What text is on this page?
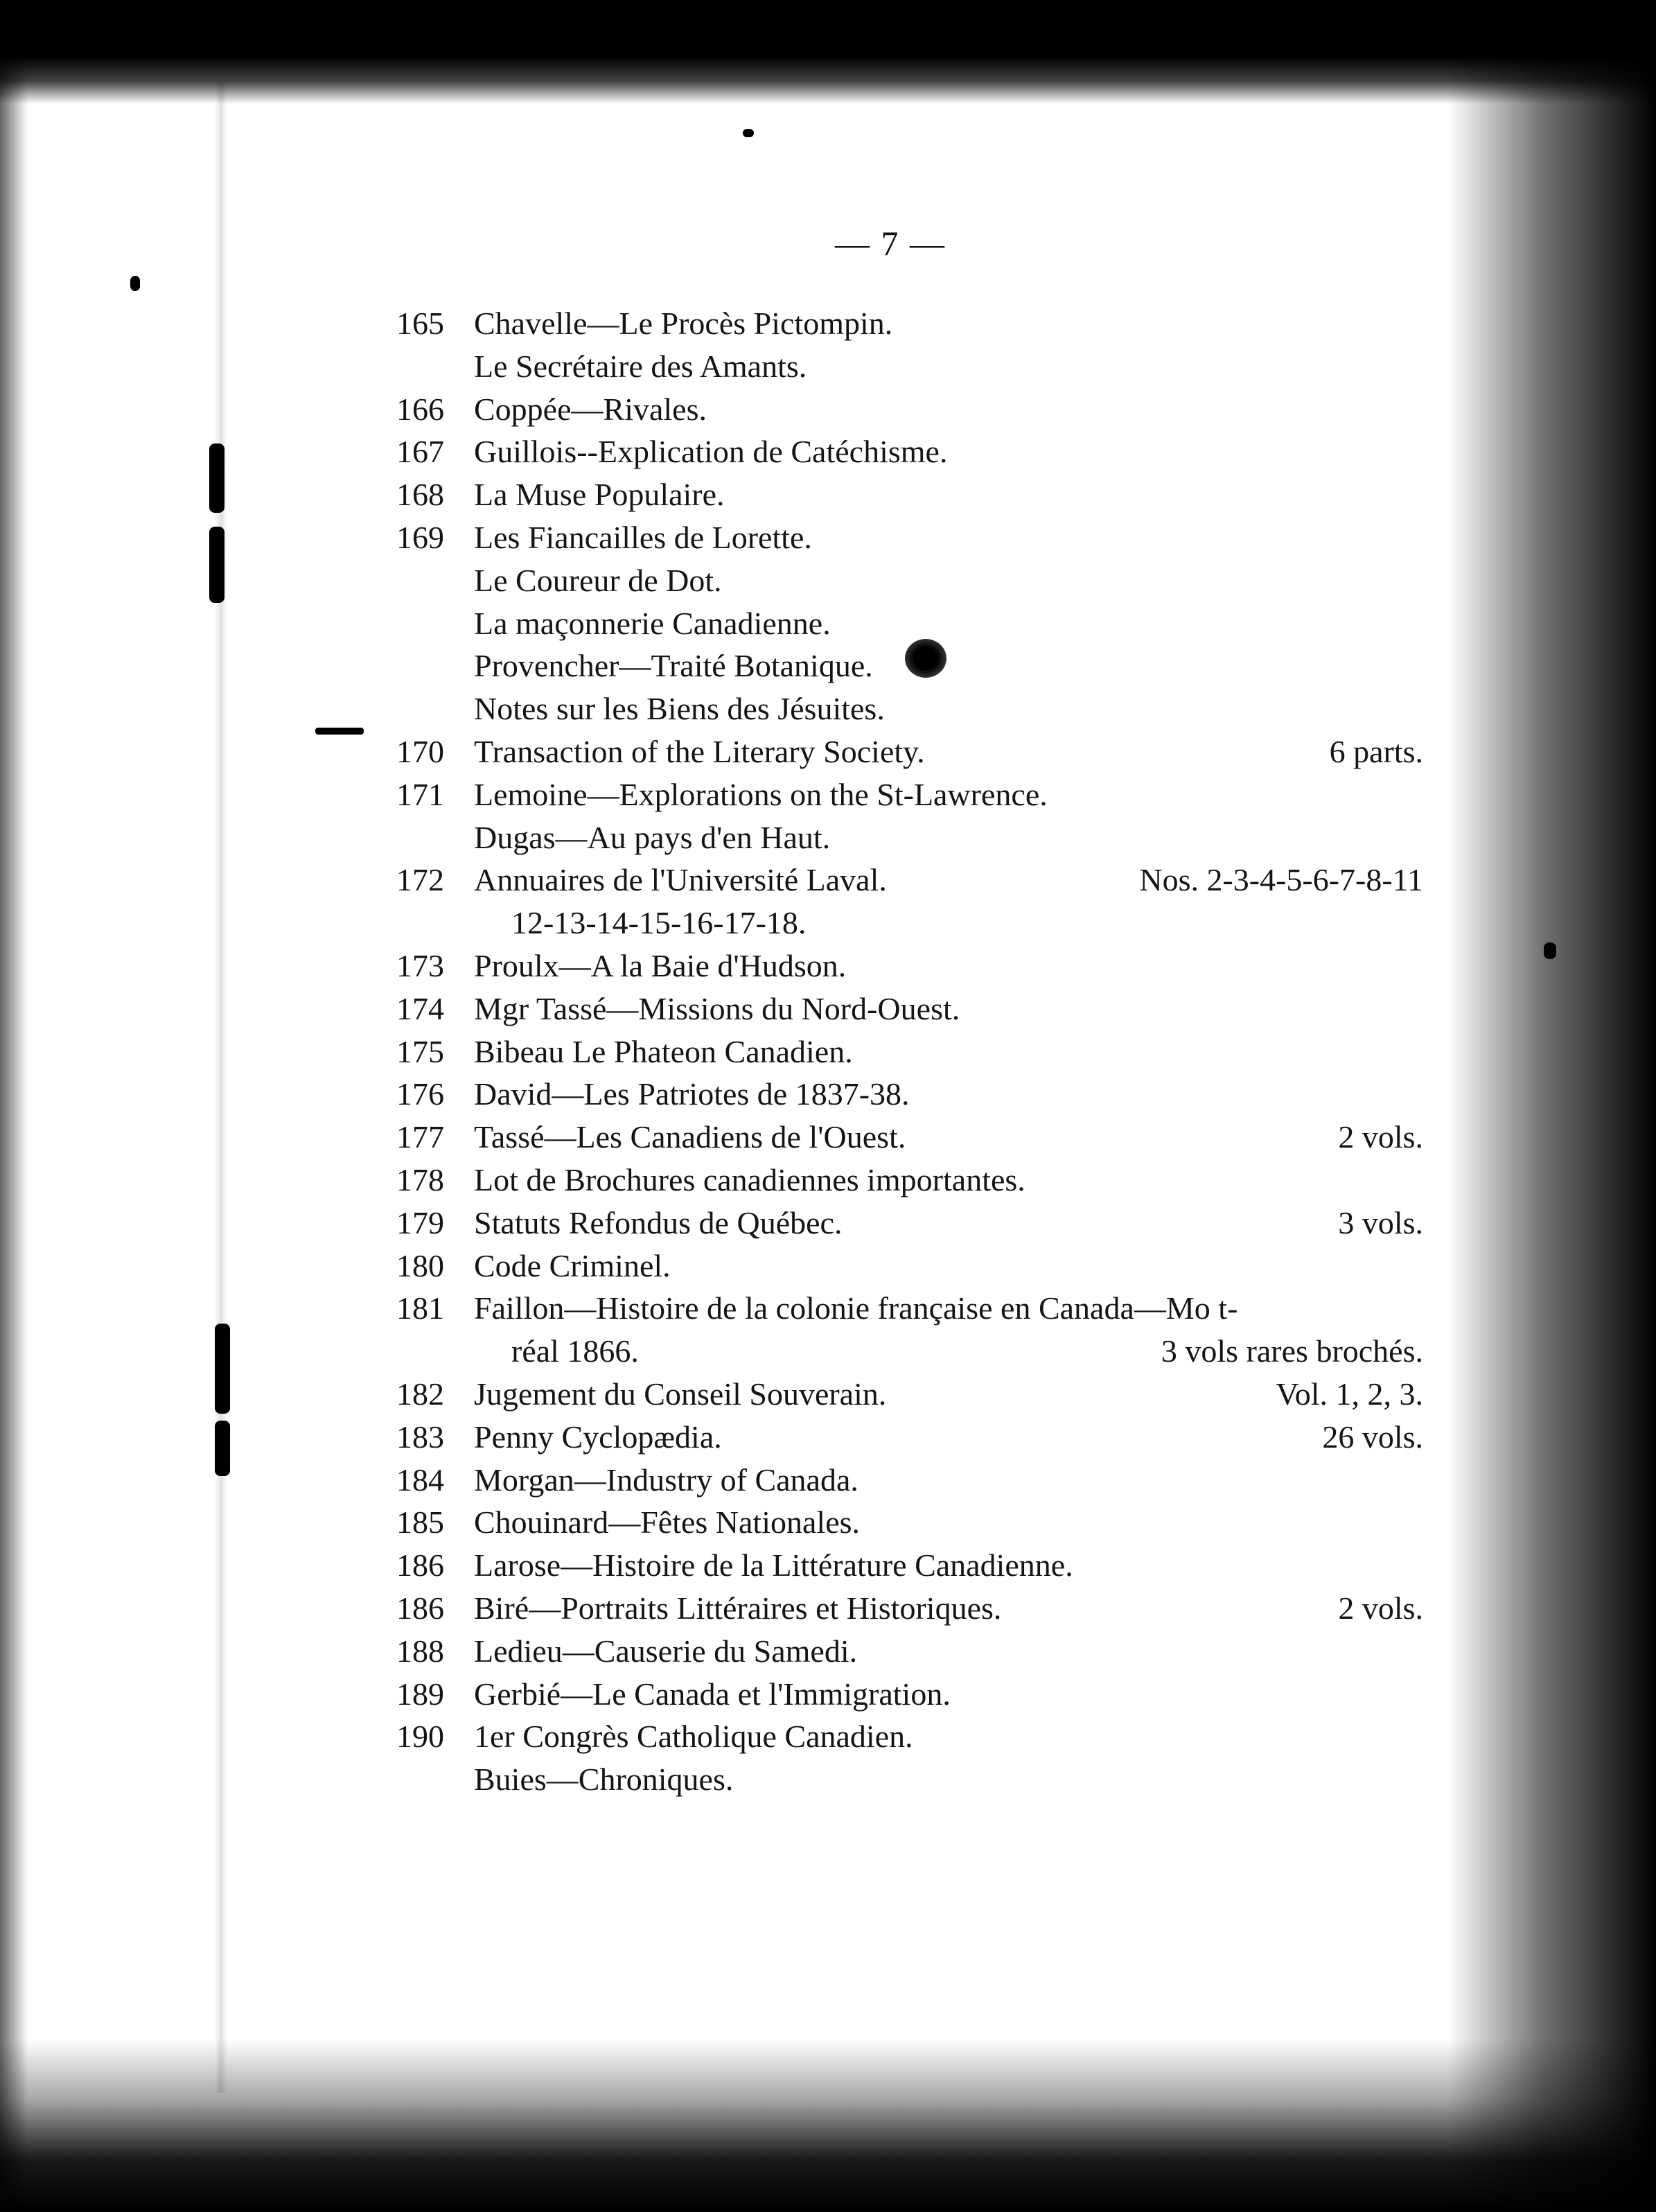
— 7 —
165 Chavelle—Le Procès Pictompin.
Le Secrétaire des Amants.
166 Coppée—Rivales.
167 Guillois--Explication de Catéchisme.
168 La Muse Populaire.
169 Les Fiancailles de Lorette.
Le Coureur de Dot.
La maçonnerie Canadienne.
Provencher—Traité Botanique.
Notes sur les Biens des Jésuites.
170 Transaction of the Literary Society.	6 parts.
171 Lemoine—Explorations on the St-Lawrence.
Dugas—Au pays d'en Haut.
172 Annuaires de l'Université Laval.	Nos. 2-3-4-5-6-7-8-11
12-13-14-15-16-17-18.
173 Proulx—A la Baie d'Hudson.
174 Mgr Tassé—Missions du Nord-Ouest.
175 Bibeau Le Phateon Canadien.
176 David—Les Patriotes de 1837-38.
177 Tassé—Les Canadiens de l'Ouest.	2 vols.
178 Lot de Brochures canadiennes importantes.
179 Statuts Refondus de Québec.	3 vols.
180 Code Criminel.
181 Faillon—Histoire de la colonie française en Canada—Mo t-
réal 1866.	3 vols rares brochés.
182 Jugement du Conseil Souverain.	Vol. 1, 2, 3.
183 Penny Cyclopædia.	26 vols.
184 Morgan—Industry of Canada.
185 Chouinard—Fêtes Nationales.
186 Larose—Histoire de la Littérature Canadienne.
186 Biré—Portraits Littéraires et Historiques.	2 vols.
188 Ledieu—Causerie du Samedi.
189 Gerbié—Le Canada et l'Immigration.
190 1er Congrès Catholique Canadien.
Buies—Chroniques.
